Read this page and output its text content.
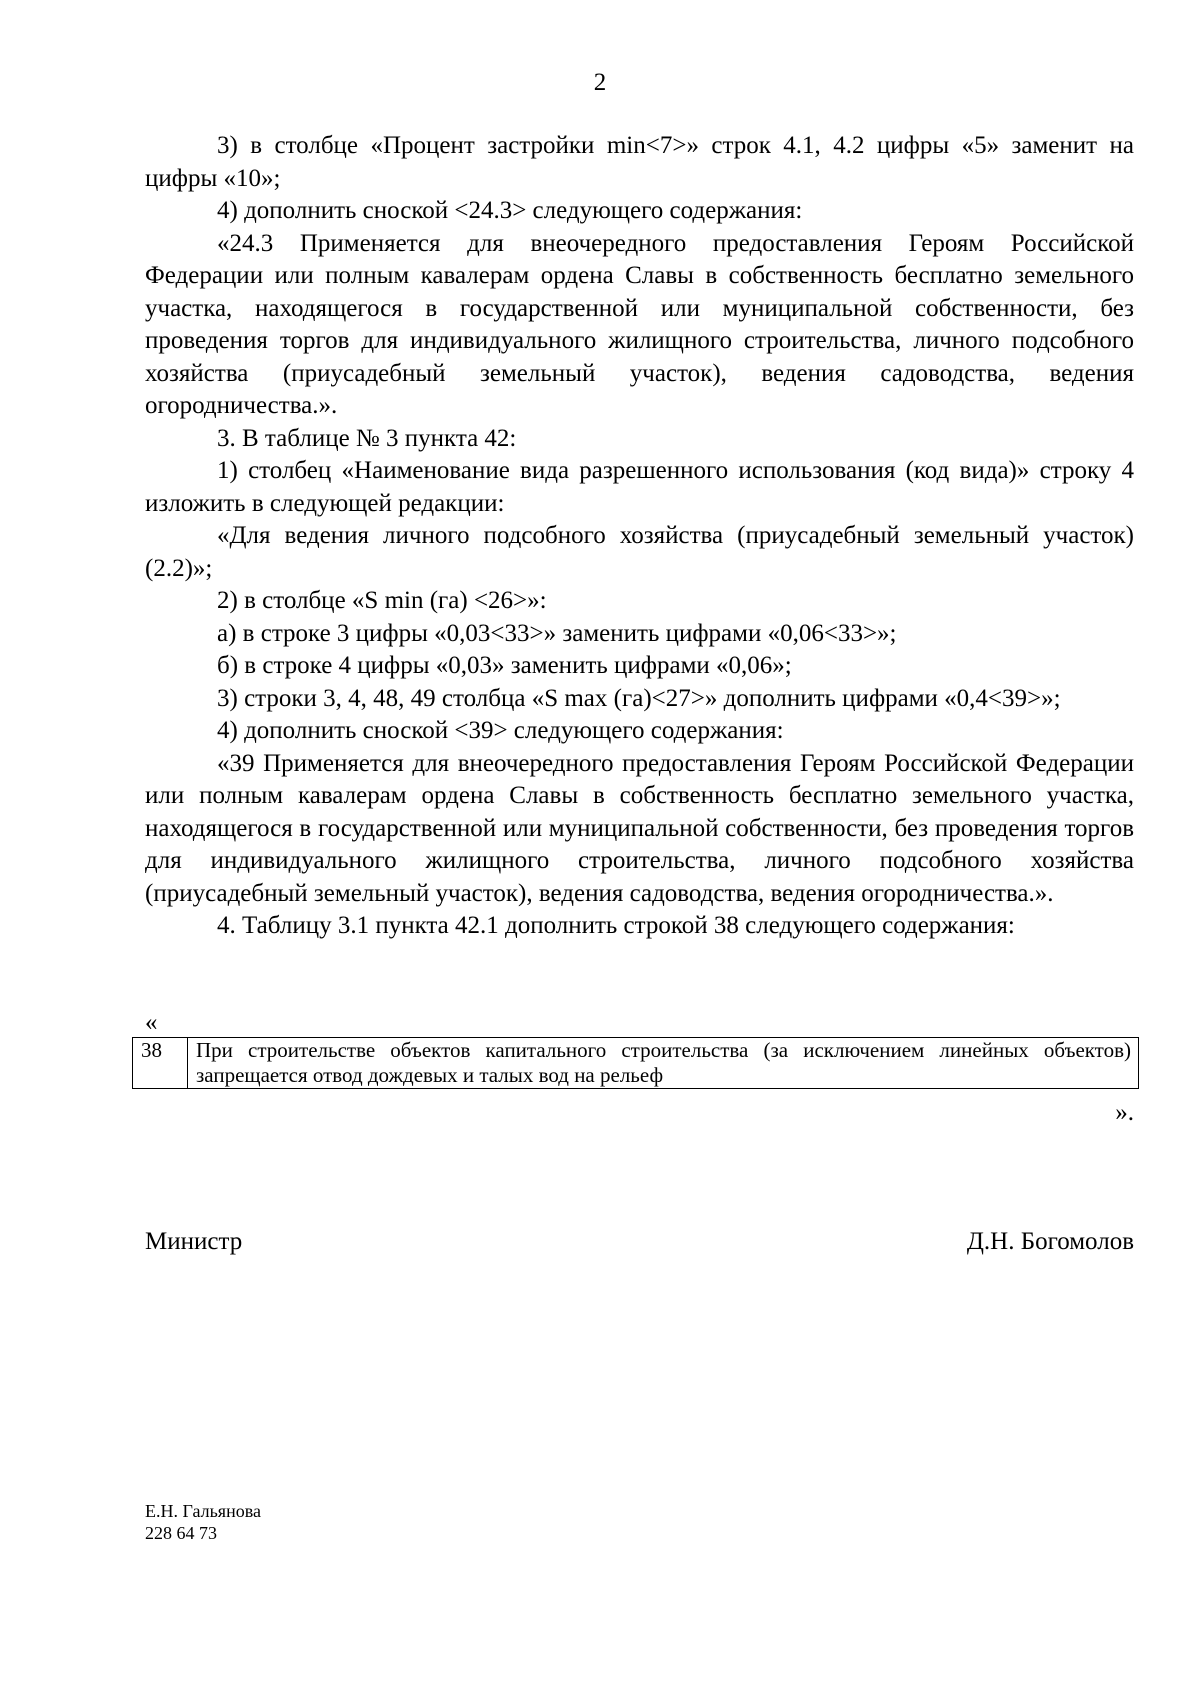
2

3) в столбце «Процент застройки min<7>» строк 4.1, 4.2 цифры «5» заменит на цифры «10»;

4) дополнить сноской <24.3> следующего содержания:

«24.3 Применяется для внеочередного предоставления Героям Российской Федерации или полным кавалерам ордена Славы в собственность бесплатно земельного участка, находящегося в государственной или муниципальной собственности, без проведения торгов для индивидуального жилищного строительства, личного подсобного хозяйства (приусадебный земельный участок), ведения садоводства, ведения огородничества.».

3. В таблице № 3 пункта 42:

1) столбец «Наименование вида разрешенного использования (код вида)» строку 4 изложить в следующей редакции:

«Для ведения личного подсобного хозяйства (приусадебный земельный участок) (2.2)»;

2) в столбце «S min (га) <26>»:

а) в строке 3 цифры «0,03<33>» заменить цифрами «0,06<33>»;

б) в строке 4 цифры «0,03» заменить цифрами «0,06»;

3) строки 3, 4, 48, 49 столбца «S max (га)<27>» дополнить цифрами «0,4<39>»;

4) дополнить сноской <39> следующего содержания:

«39 Применяется для внеочередного предоставления Героям Российской Федерации или полным кавалерам ордена Славы в собственность бесплатно земельного участка, находящегося в государственной или муниципальной собственности, без проведения торгов для индивидуального жилищного строительства, личного подсобного хозяйства (приусадебный земельный участок), ведения садоводства, ведения огородничества.».

4. Таблицу 3.1 пункта 42.1 дополнить строкой 38 следующего содержания:

«
38	При строительстве объектов капитального строительства (за исключением линейных объектов) запрещается отвод дождевых и талых вод на рельеф
».
Министр	Д.Н. Богомолов
Е.Н. Гальянова
228 64 73
